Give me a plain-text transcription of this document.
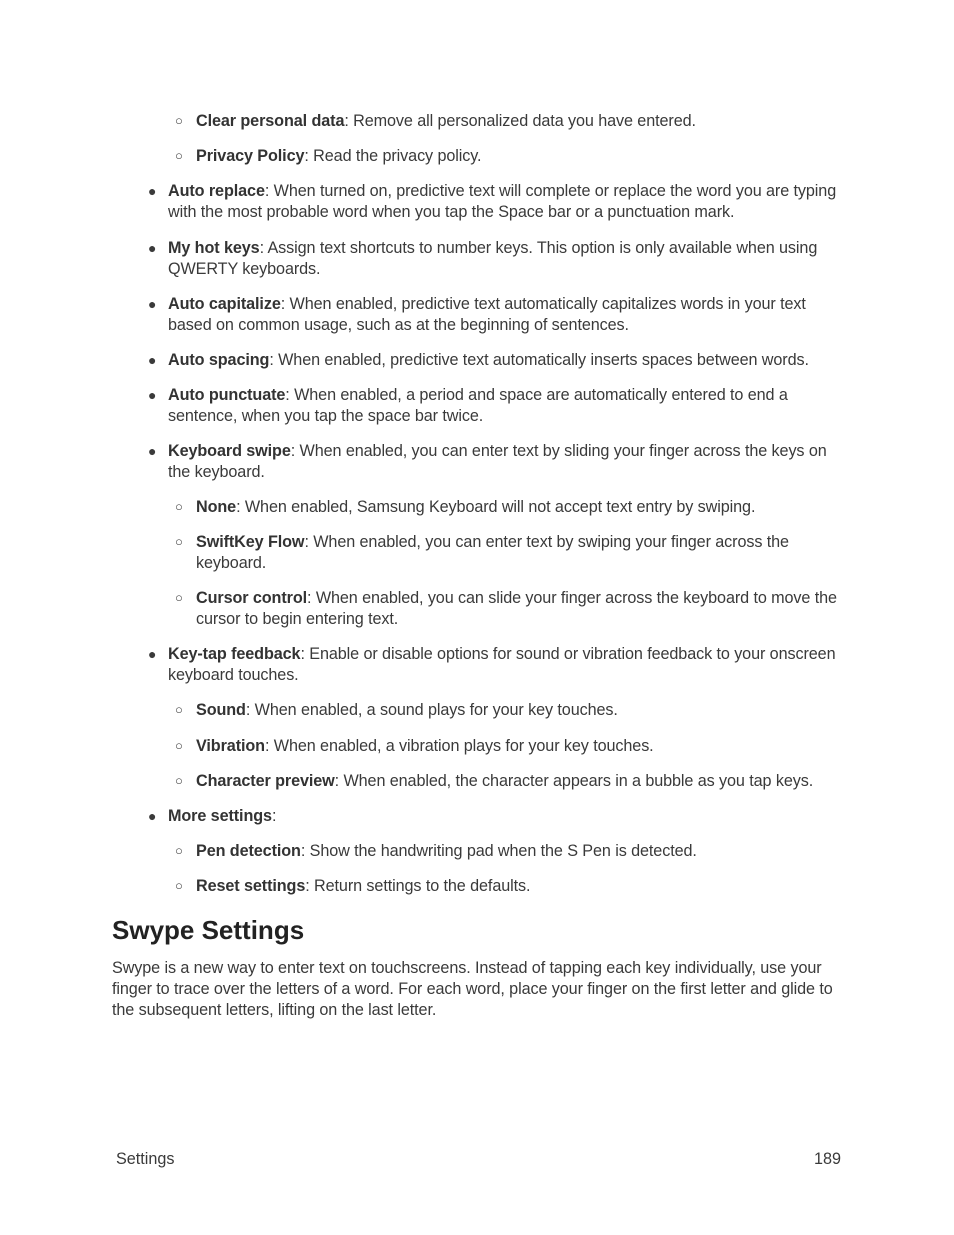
○ Clear personal data: Remove all personalized data you have entered.
○ Privacy Policy: Read the privacy policy.
● Auto replace: When turned on, predictive text will complete or replace the word you are typing with the most probable word when you tap the Space bar or a punctuation mark.
● My hot keys: Assign text shortcuts to number keys. This option is only available when using QWERTY keyboards.
● Auto capitalize: When enabled, predictive text automatically capitalizes words in your text based on common usage, such as at the beginning of sentences.
● Auto spacing: When enabled, predictive text automatically inserts spaces between words.
● Auto punctuate: When enabled, a period and space are automatically entered to end a sentence, when you tap the space bar twice.
● Keyboard swipe: When enabled, you can enter text by sliding your finger across the keys on the keyboard.
○ None: When enabled, Samsung Keyboard will not accept text entry by swiping.
○ SwiftKey Flow: When enabled, you can enter text by swiping your finger across the keyboard.
○ Cursor control: When enabled, you can slide your finger across the keyboard to move the cursor to begin entering text.
● Key-tap feedback: Enable or disable options for sound or vibration feedback to your onscreen keyboard touches.
○ Sound: When enabled, a sound plays for your key touches.
○ Vibration: When enabled, a vibration plays for your key touches.
○ Character preview: When enabled, the character appears in a bubble as you tap keys.
● More settings:
○ Pen detection: Show the handwriting pad when the S Pen is detected.
○ Reset settings: Return settings to the defaults.
Swype Settings

Swype is a new way to enter text on touchscreens. Instead of tapping each key individually, use your finger to trace over the letters of a word. For each word, place your finger on the first letter and glide to the subsequent letters, lifting on the last letter.

Settings	189
